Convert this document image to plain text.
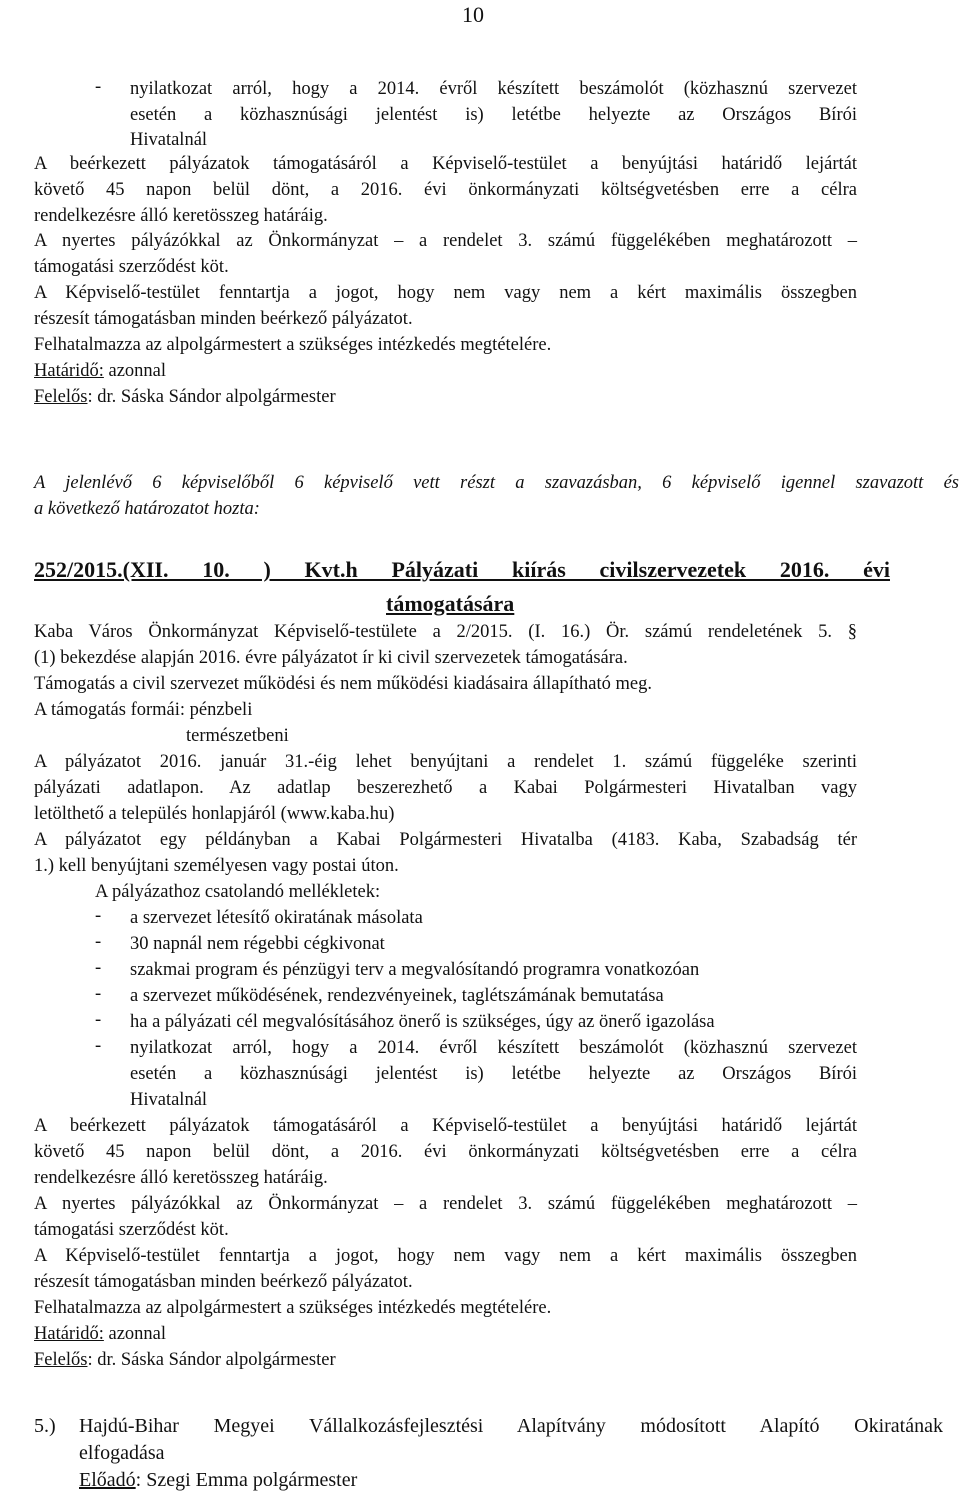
10
- nyilatkozat arról, hogy a 2014. évről készített beszámolót (közhasznú szervezet
esetén a közhasznúsági jelentést is) letétbe helyezte az Országos Bírói
Hivatalnál
A beérkezett pályázatok támogatásáról a Képviselő-testület a benyújtási határidő lejártát
követő 45 napon belül dönt, a 2016. évi önkormányzati költségvetésben erre a célra
rendelkezésre álló keretösszeg határáig.
A nyertes pályázókkal az Önkormányzat – a rendelet 3. számú függelékében meghatározott –
támogatási szerződést köt.
A Képviselő-testület fenntartja a jogot, hogy nem vagy nem a kért maximális összegben
részesít támogatásban minden beérkező pályázatot.
Felhatalmazza az alpolgármestert a szükséges intézkedés megtételére.
Határidő: azonnal
Felelős: dr. Sáska Sándor alpolgármester
A jelenlévő 6 képviselőből 6 képviselő vett részt a szavazásban, 6 képviselő igennel szavazott és
a következő határozatot hozta:
252/2015.(XII. 10. ) Kvt.h Pályázati kiírás civilszervezetek 2016. évi
támogatására
Kaba Város Önkormányzat Képviselő-testülete a 2/2015. (I. 16.) Ör. számú rendeletének 5. §
(1) bekezdése alapján 2016. évre pályázatot ír ki civil szervezetek támogatására.
Támogatás a civil szervezet működési és nem működési kiadásaira állapítható meg.
A támogatás formái: pénzbeli
természetbeni
A pályázatot 2016. január 31.-éig lehet benyújtani a rendelet 1. számú függeléke szerinti
pályázati adatlapon. Az adatlap beszerezhető a Kabai Polgármesteri Hivatalban vagy
letölthető a település honlapjáról (www.kaba.hu)
A pályázatot egy példányban a Kabai Polgármesteri Hivatalba (4183. Kaba, Szabadság tér
1.) kell benyújtani személyesen vagy postai úton.
A pályázathoz csatolandó mellékletek:
- a szervezet létesítő okiratának másolata
- 30 napnál nem régebbi cégkivonat
- szakmai program és pénzügyi terv a megvalósítandó programra vonatkozóan
- a szervezet működésének, rendezvényeinek, taglétszámának bemutatása
- ha a pályázati cél megvalósításához önerő is szükséges, úgy az önerő igazolása
- nyilatkozat arról, hogy a 2014. évről készített beszámolót (közhasznú szervezet
esetén a közhasznúsági jelentést is) letétbe helyezte az Országos Bírói
Hivatalnál
A beérkezett pályázatok támogatásáról a Képviselő-testület a benyújtási határidő lejártát
követő 45 napon belül dönt, a 2016. évi önkormányzati költségvetésben erre a célra
rendelkezésre álló keretösszeg határáig.
A nyertes pályázókkal az Önkormányzat – a rendelet 3. számú függelékében meghatározott –
támogatási szerződést köt.
A Képviselő-testület fenntartja a jogot, hogy nem vagy nem a kért maximális összegben
részesít támogatásban minden beérkező pályázatot.
Felhatalmazza az alpolgármestert a szükséges intézkedés megtételére.
Határidő: azonnal
Felelős: dr. Sáska Sándor alpolgármester
5.) Hajdú-Bihar Megyei Vállalkozásfejlesztési Alapítvány módosított Alapító Okiratának
elfogadása
Előadó: Szegi Emma polgármester
